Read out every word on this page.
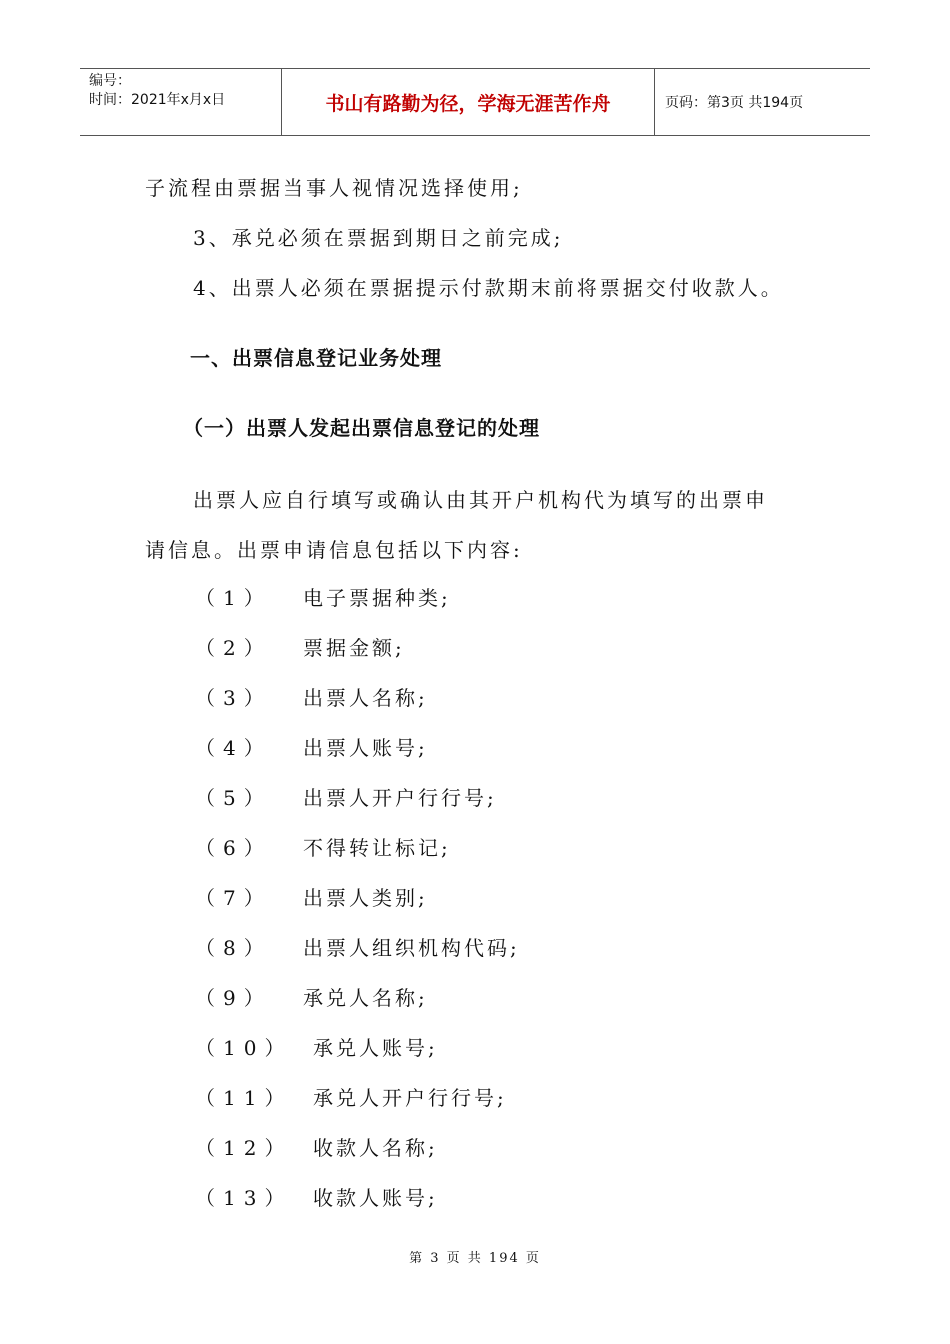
编号：
时间：2021年x月x日	书山有路勤为径，学海无涯苦作舟	页码：第3页 共194页
子流程由票据当事人视情况选择使用;
3、承兑必须在票据到期日之前完成;
4、出票人必须在票据提示付款期末前将票据交付收款人。
一、出票信息登记业务处理
（一）出票人发起出票信息登记的处理
出票人应自行填写或确认由其开户机构代为填写的出票申
请信息。出票申请信息包括以下内容:
（1） 电子票据种类;
（2） 票据金额;
（3） 出票人名称;
（4） 出票人账号;
（5） 出票人开户行行号;
（6） 不得转让标记;
（7） 出票人类别;
（8） 出票人组织机构代码;
（9） 承兑人名称;
（10） 承兑人账号;
（11） 承兑人开户行行号;
（12） 收款人名称;
（13） 收款人账号;
第 3 页 共 194 页
